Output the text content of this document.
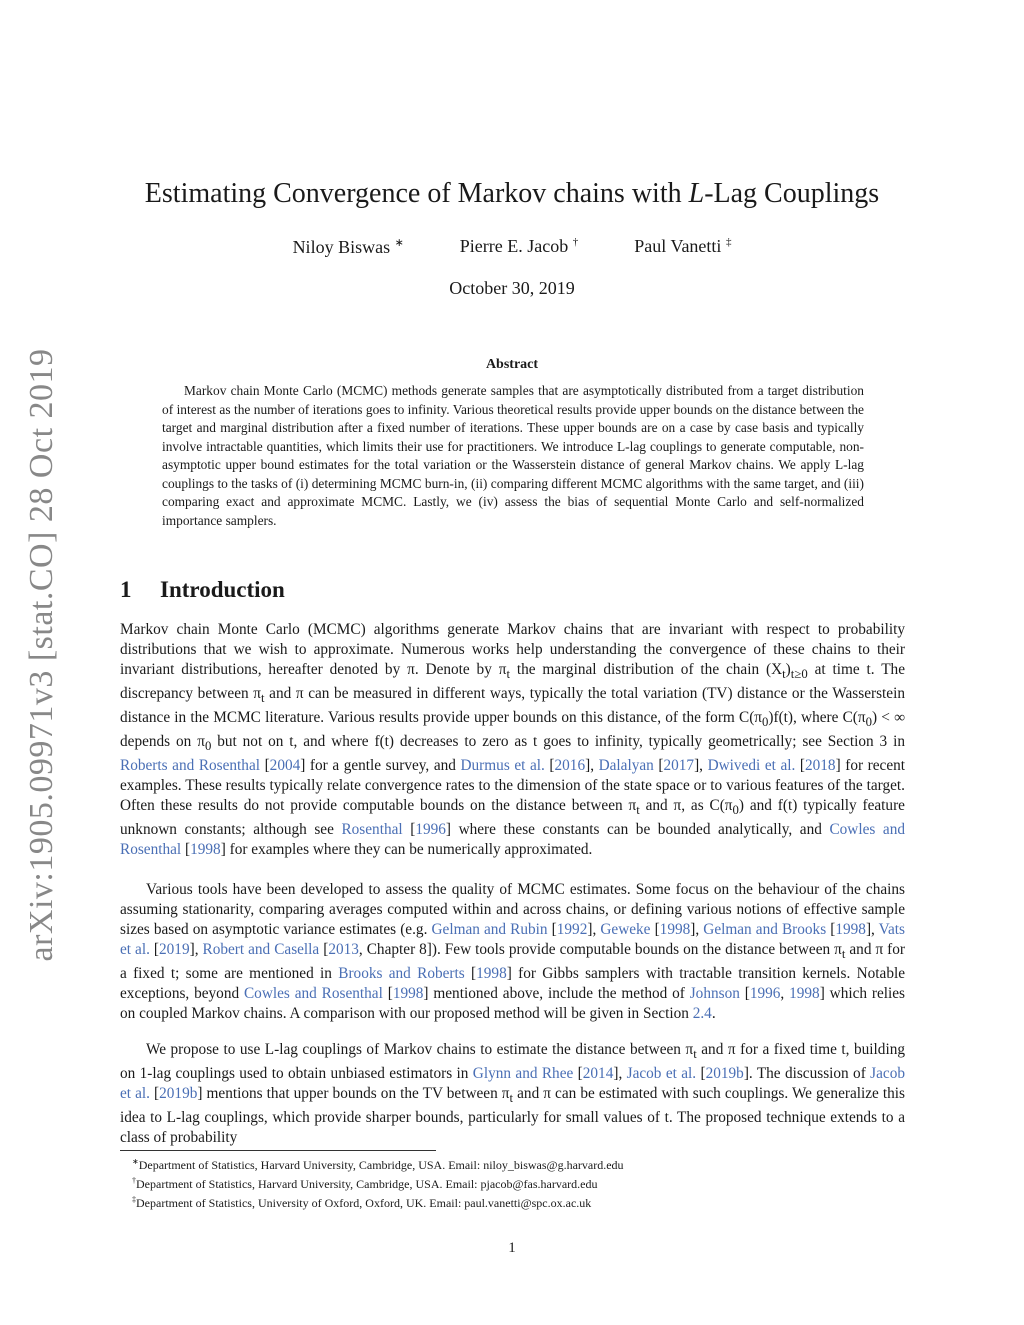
arXiv:1905.09971v3 [stat.CO] 28 Oct 2019
Estimating Convergence of Markov chains with L-Lag Couplings
Niloy Biswas ∗	Pierre E. Jacob †	Paul Vanetti ‡
October 30, 2019
Abstract

Markov chain Monte Carlo (MCMC) methods generate samples that are asymptotically distributed from a target distribution of interest as the number of iterations goes to infinity. Various theoretical results provide upper bounds on the distance between the target and marginal distribution after a fixed number of iterations. These upper bounds are on a case by case basis and typically involve intractable quantities, which limits their use for practitioners. We introduce L-lag couplings to generate computable, non-asymptotic upper bound estimates for the total variation or the Wasserstein distance of general Markov chains. We apply L-lag couplings to the tasks of (i) determining MCMC burn-in, (ii) comparing different MCMC algorithms with the same target, and (iii) comparing exact and approximate MCMC. Lastly, we (iv) assess the bias of sequential Monte Carlo and self-normalized importance samplers.

1 Introduction

Markov chain Monte Carlo (MCMC) algorithms generate Markov chains that are invariant with respect to probability distributions that we wish to approximate. Numerous works help understanding the convergence of these chains to their invariant distributions, hereafter denoted by π. Denote by $\pi_t$ the marginal distribution of the chain $(X_t)_{t\ge 0}$ at time t. The discrepancy between $\pi_t$ and π can be measured in different ways, typically the total variation (TV) distance or the Wasserstein distance in the MCMC literature. Various results provide upper bounds on this distance, of the form $C(\pi_0)f(t)$, where $C(\pi_0)$ < ∞ depends on $\pi_0$ but not on t, and where f(t) decreases to zero as t goes to infinity, typically geometrically; see Section 3 in Roberts and Rosenthal [2004] for a gentle survey, and Durmus et al. [2016], Dalalyan [2017], Dwivedi et al. [2018] for recent examples. These results typically relate convergence rates to the dimension of the state space or to various features of the target. Often these results do not provide computable bounds on the distance between $\pi_t$ and π, as $C(\pi_0)$ and f(t) typically feature unknown constants; although see Rosenthal [1996] where these constants can be bounded analytically, and Cowles and Rosenthal [1998] for examples where they can be numerically approximated.

Various tools have been developed to assess the quality of MCMC estimates. Some focus on the behaviour of the chains assuming stationarity, comparing averages computed within and across chains, or defining various notions of effective sample sizes based on asymptotic variance estimates (e.g. Gelman and Rubin [1992], Geweke [1998], Gelman and Brooks [1998], Vats et al. [2019], Robert and Casella [2013, Chapter 8]). Few tools provide computable bounds on the distance between $\pi_t$ and π for a fixed t; some are mentioned in Brooks and Roberts [1998] for Gibbs samplers with tractable transition kernels. Notable exceptions, beyond Cowles and Rosenthal [1998] mentioned above, include the method of Johnson [1996, 1998] which relies on coupled Markov chains. A comparison with our proposed method will be given in Section 2.4.

We propose to use L-lag couplings of Markov chains to estimate the distance between $\pi_t$ and π for a fixed time t, building on 1-lag couplings used to obtain unbiased estimators in Glynn and Rhee [2014], Jacob et al. [2019b]. The discussion of Jacob et al. [2019b] mentions that upper bounds on the TV between $\pi_t$ and π can be estimated with such couplings. We generalize this idea to L-lag couplings, which provide sharper bounds, particularly for small values of t. The proposed technique extends to a class of probability

∗Department of Statistics, Harvard University, Cambridge, USA. Email: niloy_biswas@g.harvard.edu
†Department of Statistics, Harvard University, Cambridge, USA. Email: pjacob@fas.harvard.edu
‡Department of Statistics, University of Oxford, Oxford, UK. Email: paul.vanetti@spc.ox.ac.uk
1
